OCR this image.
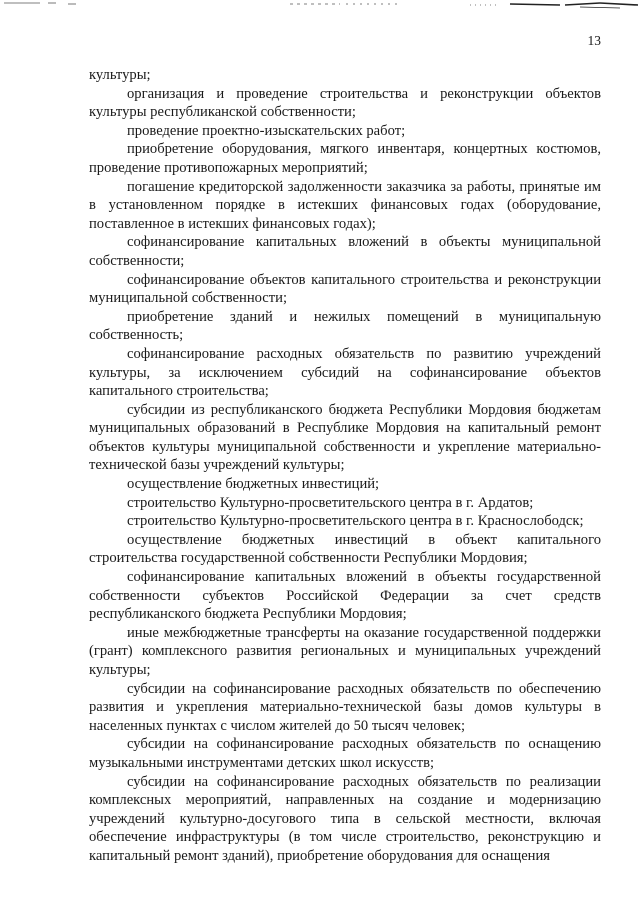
13

культуры;

организация и проведение строительства и реконструкции объектов культуры республиканской собственности;

проведение проектно-изыскательских работ;

приобретение оборудования, мягкого инвентаря, концертных костюмов, проведение противопожарных мероприятий;

погашение кредиторской задолженности заказчика за работы, принятые им в установленном порядке в истекших финансовых годах (оборудование, поставленное в истекших финансовых годах);

софинансирование капитальных вложений в объекты муниципальной собственности;

софинансирование объектов капитального строительства и реконструкции муниципальной собственности;

приобретение зданий и нежилых помещений в муниципальную собственность;

софинансирование расходных обязательств по развитию учреждений культуры, за исключением субсидий на софинансирование объектов капитального строительства;

субсидии из республиканского бюджета Республики Мордовия бюджетам муниципальных образований в Республике Мордовия на капитальный ремонт объектов культуры муниципальной собственности и укрепление материально-технической базы учреждений культуры;

осуществление бюджетных инвестиций;

строительство Культурно-просветительского центра в г. Ардатов;

строительство Культурно-просветительского центра в г. Краснослободск;

осуществление бюджетных инвестиций в объект капитального строительства государственной собственности Республики Мордовия;

софинансирование капитальных вложений в объекты государственной собственности субъектов Российской Федерации за счет средств республиканского бюджета Республики Мордовия;

иные межбюджетные трансферты на оказание государственной поддержки (грант) комплексного развития региональных и муниципальных учреждений культуры;

субсидии на софинансирование расходных обязательств по обеспечению развития и укрепления материально-технической базы домов культуры в населенных пунктах с числом жителей до 50 тысяч человек;

субсидии на софинансирование расходных обязательств по оснащению музыкальными инструментами детских школ искусств;

субсидии на софинансирование расходных обязательств по реализации комплексных мероприятий, направленных на создание и модернизацию учреждений культурно-досугового типа в сельской местности, включая обеспечение инфраструктуры (в том числе строительство, реконструкцию и капитальный ремонт зданий), приобретение оборудования для оснащения
